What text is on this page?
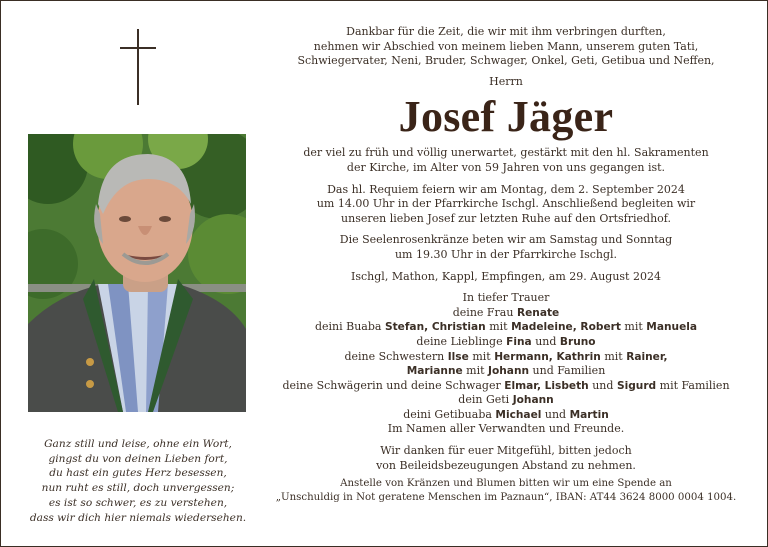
Ganz still und leise, ohne ein Wort,
gingst du von deinen Lieben fort,
du hast ein gutes Herz besessen,
nun ruht es still, doch unvergessen;
es ist so schwer, es zu verstehen,
dass wir dich hier niemals wiedersehen.
Dankbar für die Zeit, die wir mit ihm verbringen durften,
nehmen wir Abschied von meinem lieben Mann, unserem guten Tati,
Schwiegervater, Neni, Bruder, Schwager, Onkel, Geti, Getibua und Neffen,
Herrn
Josef Jäger
der viel zu früh und völlig unerwartet, gestärkt mit den hl. Sakramenten
der Kirche, im Alter von 59 Jahren von uns gegangen ist.
Das hl. Requiem feiern wir am Montag, dem 2. September 2024
um 14.00 Uhr in der Pfarrkirche Ischgl. Anschließend begleiten wir
unseren lieben Josef zur letzten Ruhe auf den Ortsfriedhof.
Die Seelenrosenkränze beten wir am Samstag und Sonntag
um 19.30 Uhr in der Pfarrkirche Ischgl.
Ischgl, Mathon, Kappl, Empfingen, am 29. August 2024
In tiefer Trauer
deine Frau Renate
deini Buaba Stefan, Christian mit Madeleine, Robert mit Manuela
deine Lieblinge Fina und Bruno
deine Schwestern Ilse mit Hermann, Kathrin mit Rainer,
Marianne mit Johann und Familien
deine Schwägerin und deine Schwager Elmar, Lisbeth und Sigurd mit Familien
dein Geti Johann
deini Getibuaba Michael und Martin
Im Namen aller Verwandten und Freunde.
Wir danken für euer Mitgefühl, bitten jedoch
von Beileidsbezeugungen Abstand zu nehmen.
Anstelle von Kränzen und Blumen bitten wir um eine Spende an
„Unschuldig in Not geratene Menschen im Paznaun“, IBAN: AT44 3624 8000 0004 1004.
